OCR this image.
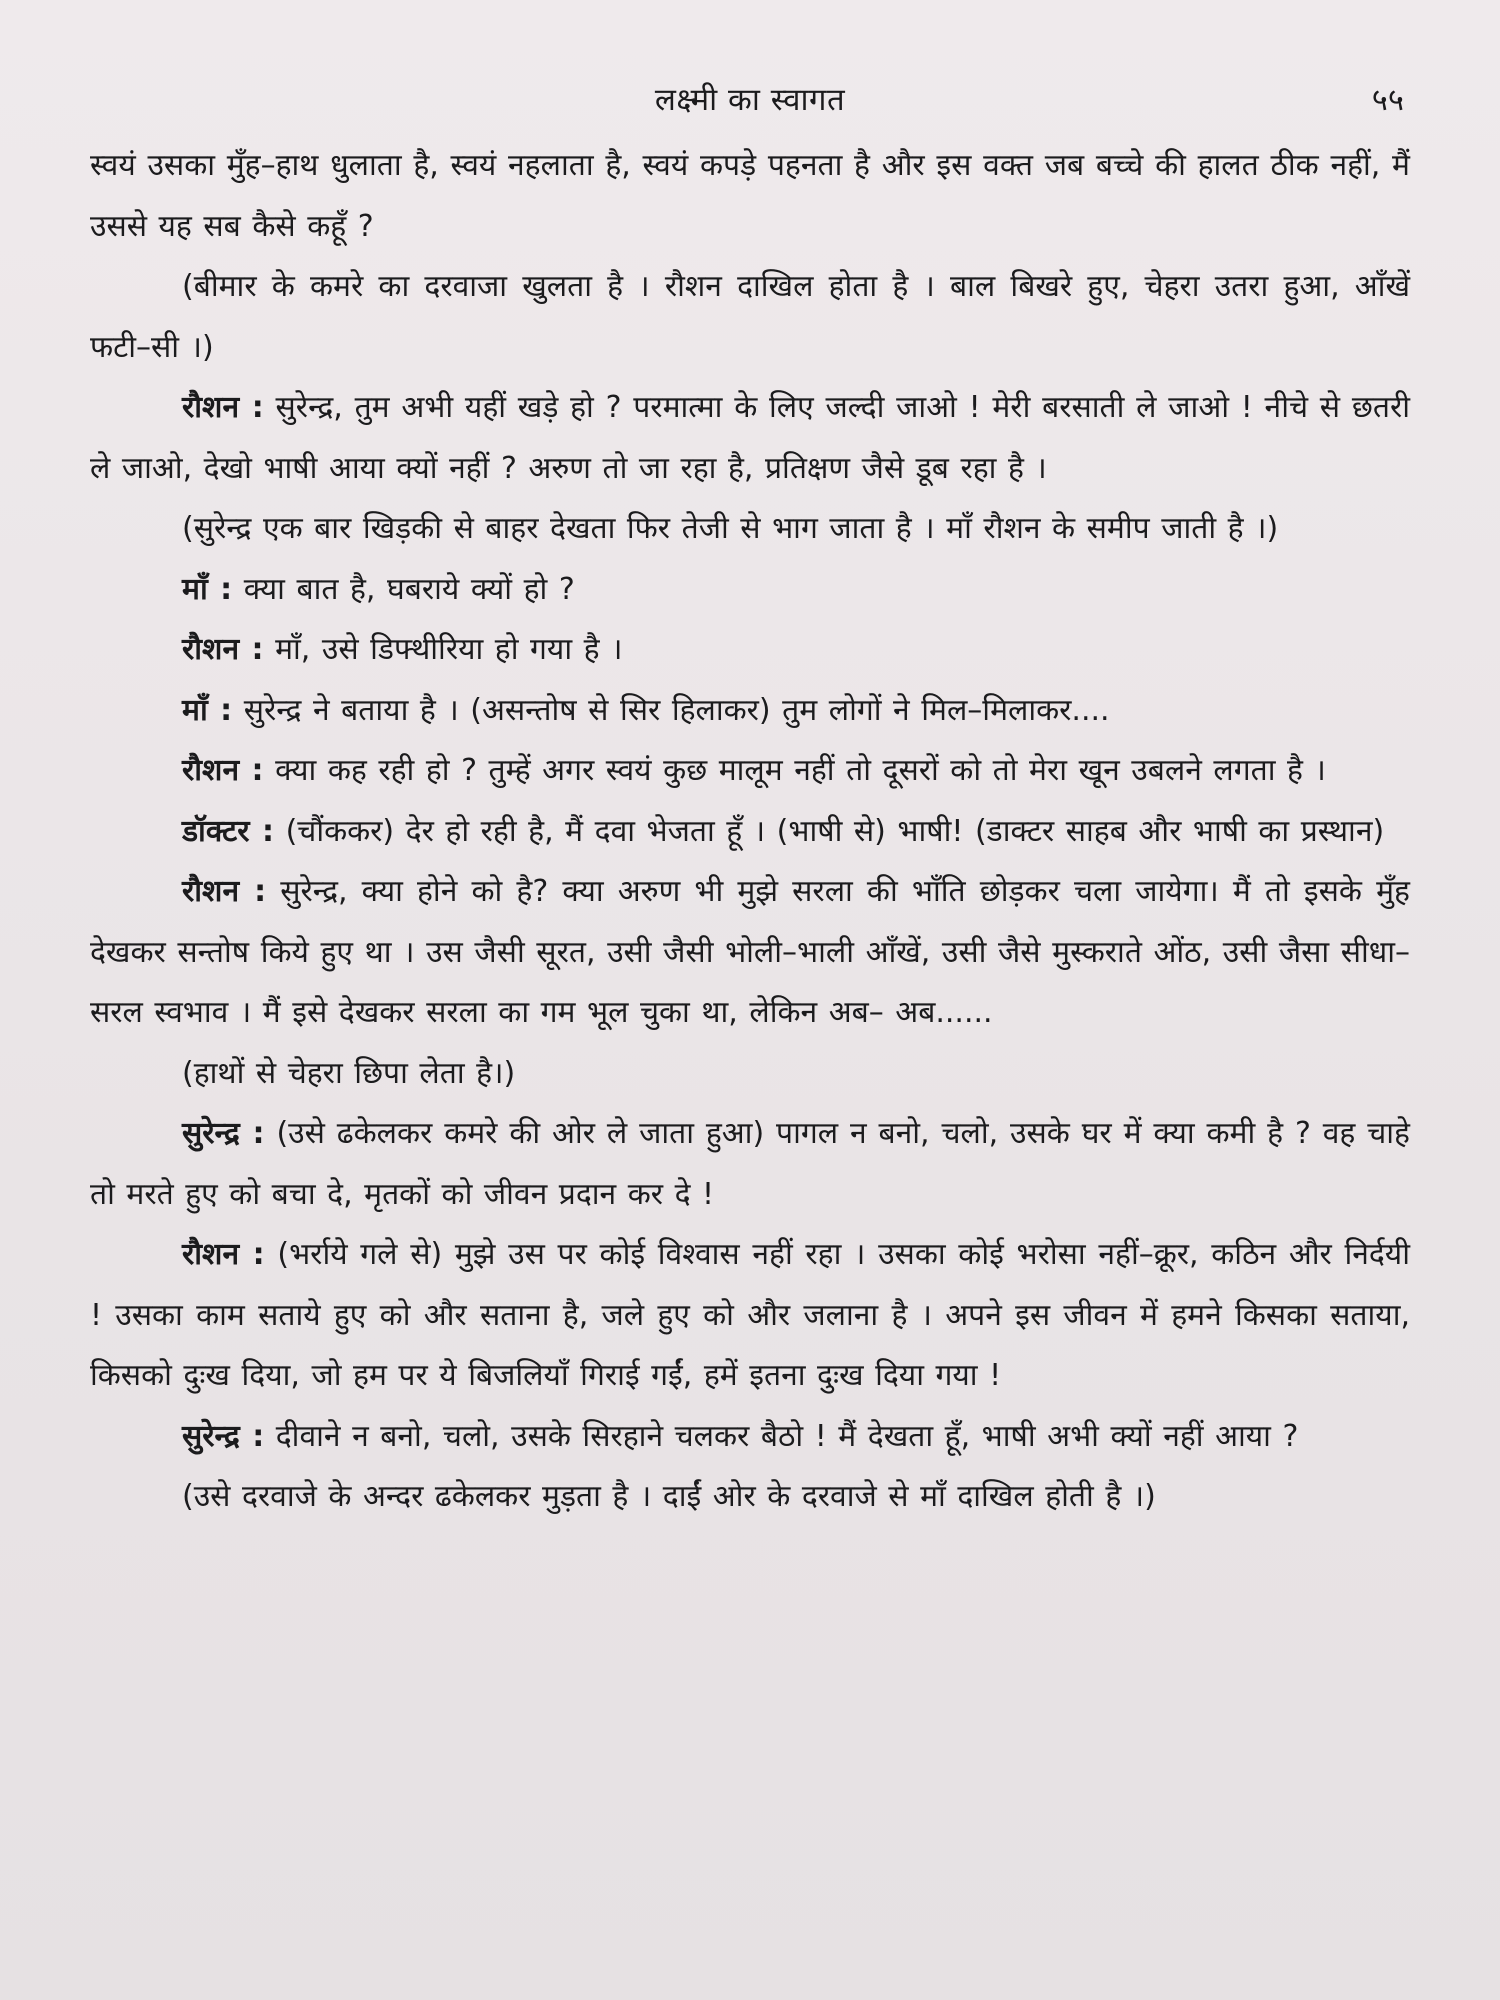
लक्ष्मी का स्वागत	५५

स्वयं उसका मुँह–हाथ धुलाता है, स्वयं नहलाता है, स्वयं कपड़े पहनता है और इस वक्त जब बच्चे की हालत ठीक नहीं, मैं उससे यह सब कैसे कहूँ ?

(बीमार के कमरे का दरवाजा खुलता है । रौशन दाखिल होता है । बाल बिखरे हुए, चेहरा उतरा हुआ, आँखें फटी–सी ।)

रौशन : सुरेन्द्र, तुम अभी यहीं खड़े हो ? परमात्मा के लिए जल्दी जाओ ! मेरी बरसाती ले जाओ ! नीचे से छतरी ले जाओ, देखो भाषी आया क्यों नहीं ? अरुण तो जा रहा है, प्रतिक्षण जैसे डूब रहा है ।

(सुरेन्द्र एक बार खिड़की से बाहर देखता फिर तेजी से भाग जाता है । माँ रौशन के समीप जाती है ।)

माँ : क्या बात है, घबराये क्यों हो ?

रौशन : माँ, उसे डिफ्थीरिया हो गया है ।

माँ : सुरेन्द्र ने बताया है । (असन्तोष से सिर हिलाकर) तुम लोगों ने मिल–मिलाकर....

रौशन : क्या कह रही हो ? तुम्हें अगर स्वयं कुछ मालूम नहीं तो दूसरों को तो मेरा खून उबलने लगता है ।

डॉक्टर : (चौंककर) देर हो रही है, मैं दवा भेजता हूँ । (भाषी से) भाषी! (डाक्टर साहब और भाषी का प्रस्थान)

रौशन : सुरेन्द्र, क्या होने को है? क्या अरुण भी मुझे सरला की भाँति छोड़कर चला जायेगा। मैं तो इसके मुँह देखकर सन्तोष किये हुए था । उस जैसी सूरत, उसी जैसी भोली–भाली आँखें, उसी जैसे मुस्कराते ओंठ, उसी जैसा सीधा–सरल स्वभाव । मैं इसे देखकर सरला का गम भूल चुका था, लेकिन अब– अब......

(हाथों से चेहरा छिपा लेता है।)

सुरेन्द्र : (उसे ढकेलकर कमरे की ओर ले जाता हुआ) पागल न बनो, चलो, उसके घर में क्या कमी है ? वह चाहे तो मरते हुए को बचा दे, मृतकों को जीवन प्रदान कर दे !

रौशन : (भर्राये गले से) मुझे उस पर कोई विश्वास नहीं रहा । उसका कोई भरोसा नहीं–क्रूर, कठिन और निर्दयी ! उसका काम सताये हुए को और सताना है, जले हुए को और जलाना है । अपने इस जीवन में हमने किसका सताया, किसको दुःख दिया, जो हम पर ये बिजलियाँ गिराई गईं, हमें इतना दुःख दिया गया !

सुरेन्द्र : दीवाने न बनो, चलो, उसके सिरहाने चलकर बैठो ! मैं देखता हूँ, भाषी अभी क्यों नहीं आया ?

(उसे दरवाजे के अन्दर ढकेलकर मुड़ता है । दाईं ओर के दरवाजे से माँ दाखिल होती है ।)
